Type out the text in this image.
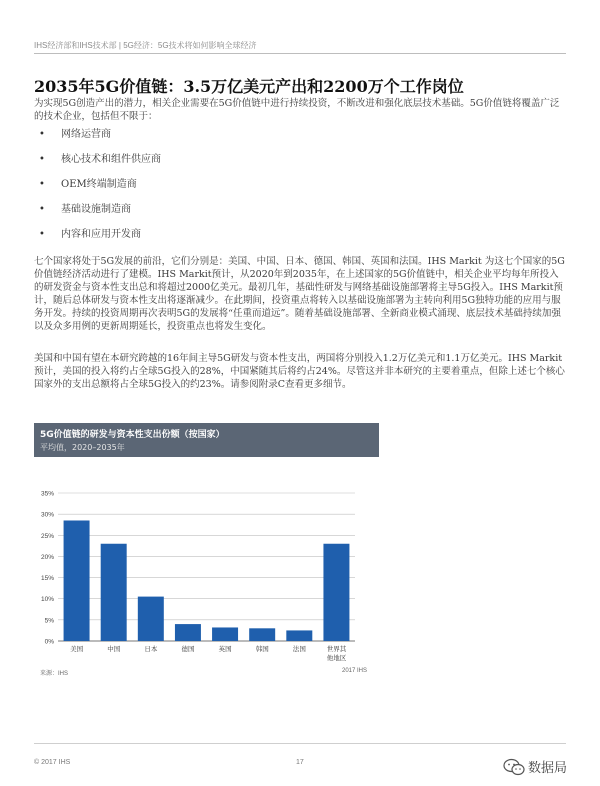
IHS经济部和IHS技术部 | 5G经济：5G技术将如何影响全球经济
2035年5G价值链：3.5万亿美元产出和2200万个工作岗位
为实现5G创造产出的潜力，相关企业需要在5G价值链中进行持续投资，不断改进和强化底层技术基础。5G价值链将覆盖广泛的技术企业，包括但不限于：
• 网络运营商
• 核心技术和组件供应商
• OEM终端制造商
• 基础设施制造商
• 内容和应用开发商
七个国家将处于5G发展的前沿，它们分别是：美国、中国、日本、德国、韩国、英国和法国。IHS Markit 为这七个国家的5G价值链经济活动进行了建模。IHS Markit预计，从2020年到2035年，在上述国家的5G价值链中，相关企业平均每年所投入的研发资金与资本性支出总和将超过2000亿美元。最初几年，基础性研发与网络基础设施部署将主导5G投入。IHS Markit预计，随后总体研发与资本性支出将逐渐减少。在此期间，投资重点将转入以基础设施部署为主转向利用5G独特功能的应用与服务开发。持续的投资周期再次表明5G的发展将“任重而道远”。随着基础设施部署、全新商业模式涌现、底层技术基础持续加强以及众多用例的更新周期延长，投资重点也将发生变化。
美国和中国有望在本研究跨越的16年间主导5G研发与资本性支出，两国将分别投入1.2万亿美元和1.1万亿美元。IHS Markit预计，美国的投入将约占全球5G投入的28%，中国紧随其后将约占24%。尽管这并非本研究的主要着重点，但除上述七个核心国家外的支出总额将占全球5G投入的约23%。请参阅附录C查看更多细节。
5G价值链的研发与资本性支出份额（按国家）
平均值，2020–2035年
0%
5%
10%
15%
20%
25%
30%
35%
美国	中国	日本	德国	英国	韩国	法国	世界其
他地区
来源：IHS	2017 IHS
© 2017 IHS	17	数据局
